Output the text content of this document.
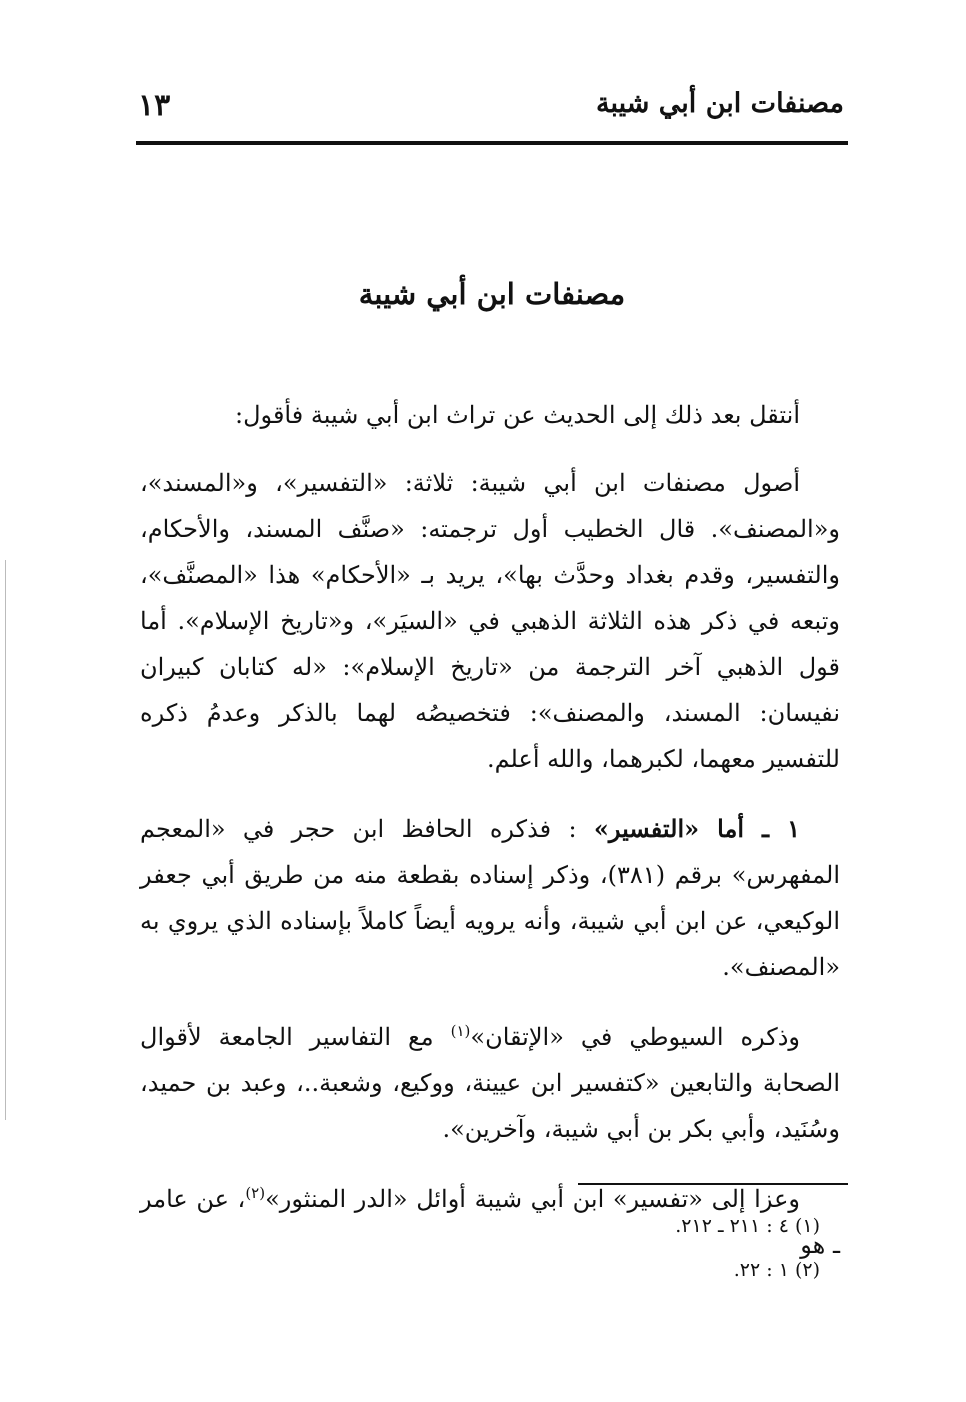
مصنفات ابن أبي شيبة
١٣
مصنفات ابن أبي شيبة

أنتقل بعد ذلك إلى الحديث عن تراث ابن أبي شيبة فأقول:

أصول مصنفات ابن أبي شيبة: ثلاثة: «التفسير»، و«المسند»، و«المصنف». قال الخطيب أول ترجمته: «صنَّف المسند، والأحكام، والتفسير، وقدم بغداد وحدَّث بها»، يريد بـ «الأحكام» هذا «المصنَّف»، وتبعه في ذكر هذه الثلاثة الذهبي في «السيَر»، و«تاريخ الإسلام». أما قول الذهبي آخر الترجمة من «تاريخ الإسلام»: «له كتابان كبيران نفيسان: المسند، والمصنف»: فتخصيصُه لهما بالذكر وعدمُ ذكره للتفسير معهما، لكبرهما، والله أعلم.

١ ـ أما «التفسير» : فذكره الحافظ ابن حجر في «المعجم المفهرس» برقم (٣٨١)، وذكر إسناده بقطعة منه من طريق أبي جعفر الوكيعي، عن ابن أبي شيبة، وأنه يرويه أيضاً كاملاً بإسناده الذي يروي به «المصنف».

وذكره السيوطي في «الإتقان»$^{(١)}$ مع التفاسير الجامعة لأقوال الصحابة والتابعين «كتفسير ابن عيينة، ووكيع، وشعبة..، وعبد بن حميد، وسُنَيد، وأبي بكر بن أبي شيبة، وآخرين».

وعزا إلى «تفسير» ابن أبي شيبة أوائل «الدر المنثور»$^{(٢)}$، عن عامر ـ هو

(١) ٤ : ٢١١ ـ ٢١٢.

(٢) ١ : ٢٢.
